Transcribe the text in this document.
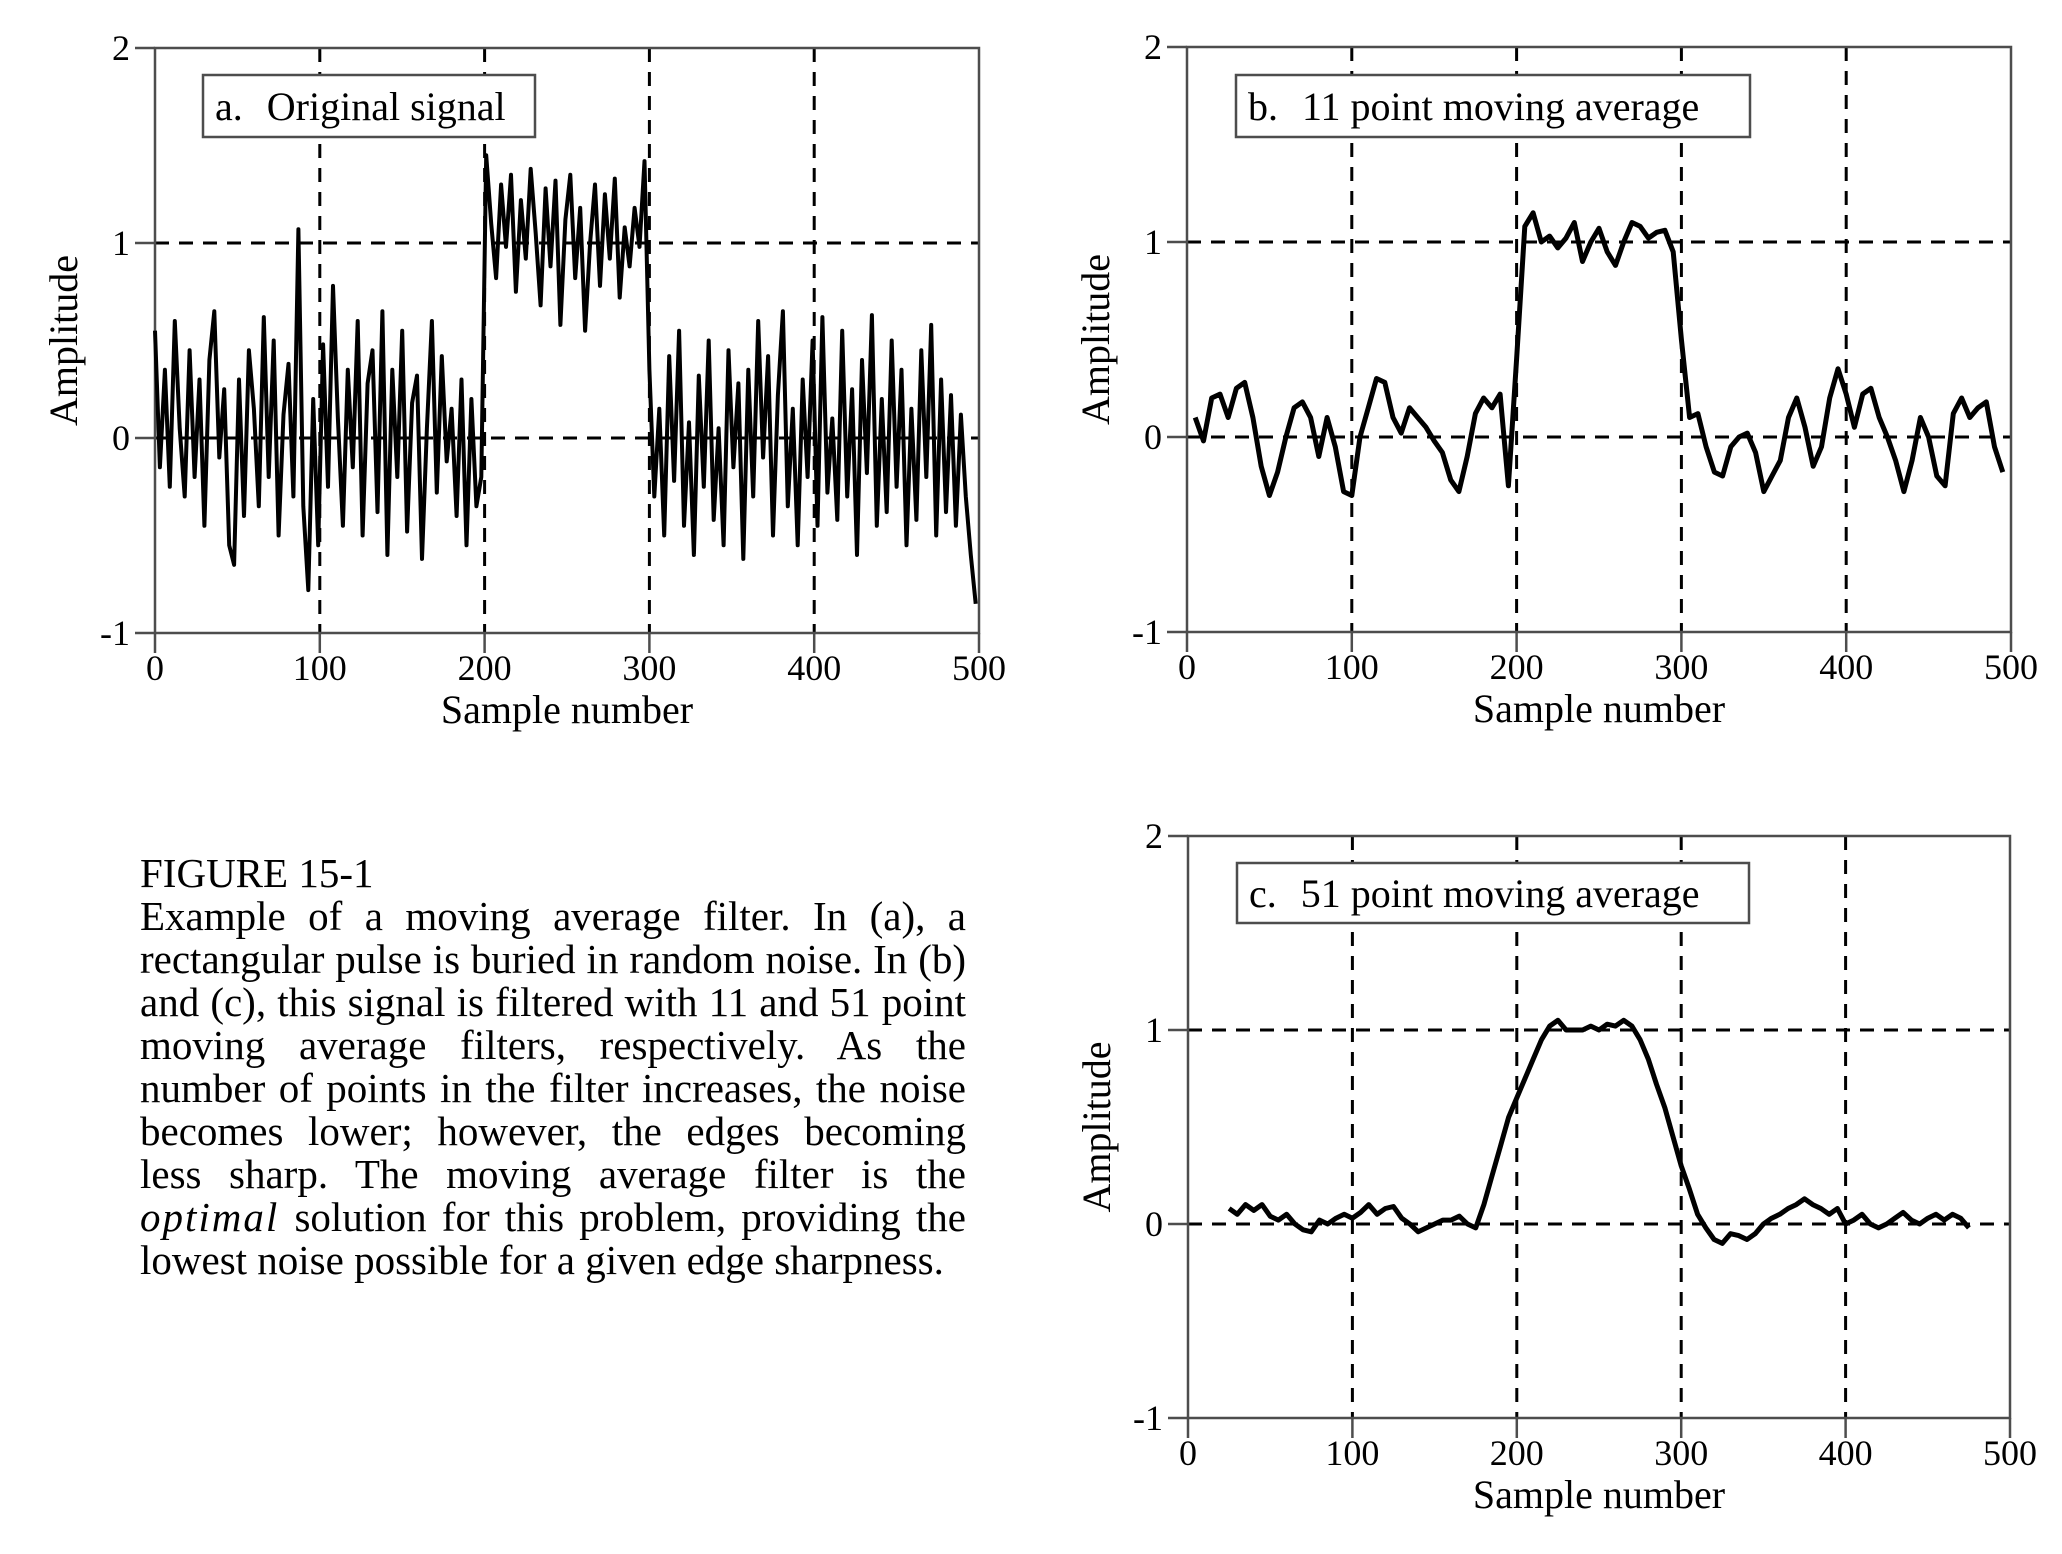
0	100	200	300	400	500
-1
0
1
2
Sample number
Amplitude
a. Original signal
0	100	200	300	400	500
-1
0
1
2
Sample number
Amplitude
b. 11 point moving average
0	100	200	300	400	500
-1
0
1
2
Sample number
Amplitude
c. 51 point moving average
FIGURE 15-1

Example of a moving average filter. In (a), a rectangular pulse is buried in random noise. In (b) and (c), this signal is filtered with 11 and 51 point moving average filters, respectively. As the number of points in the filter increases, the noise becomes lower; however, the edges becoming less sharp. The moving average filter is the optimal solution for this problem, providing the lowest noise possible for a given edge sharpness.
